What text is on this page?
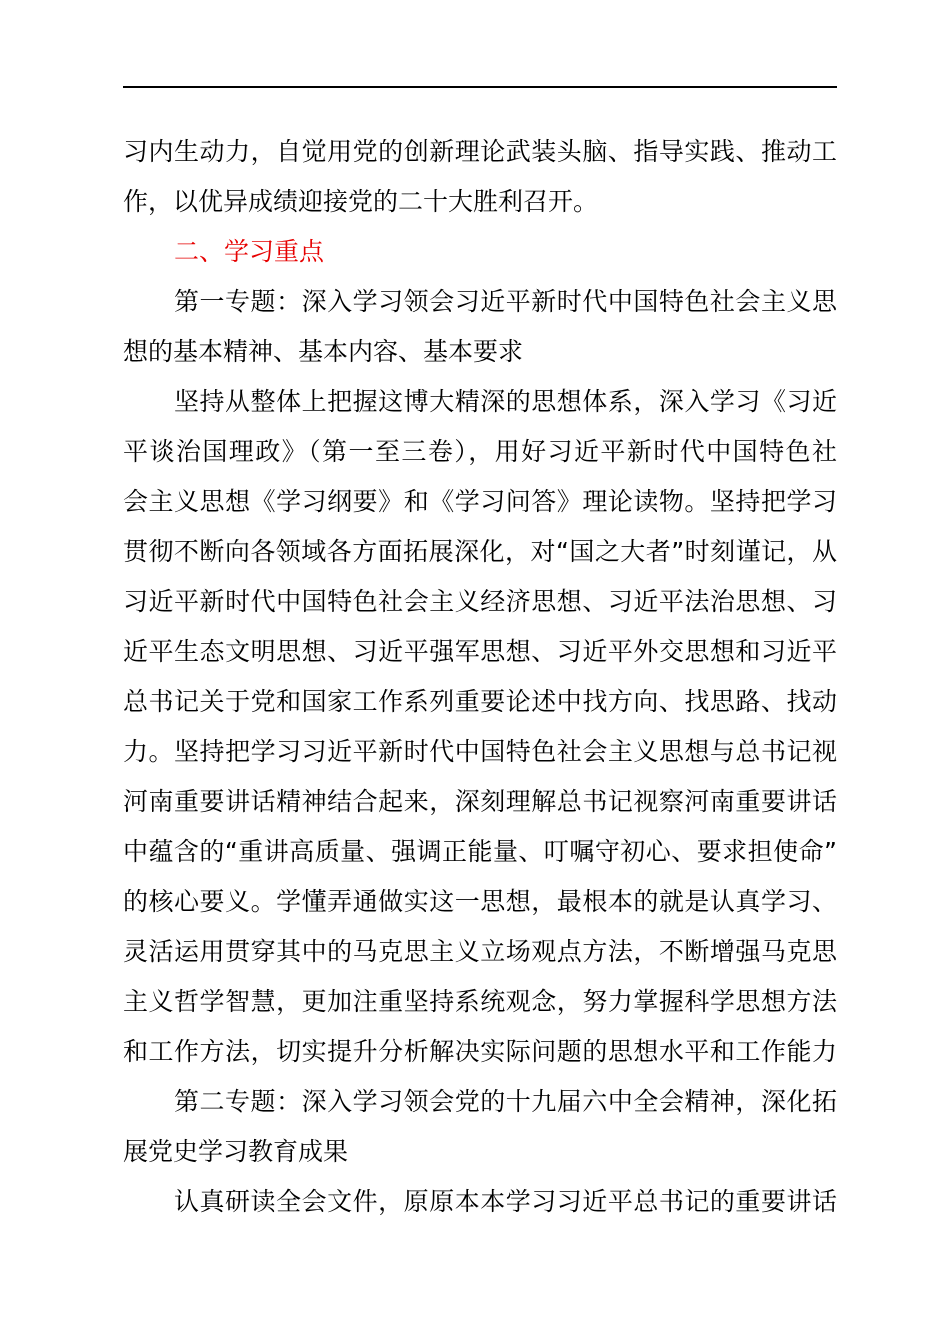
习内生动力，自觉用党的创新理论武装头脑、指导实践、推动工
作，以优异成绩迎接党的二十大胜利召开。
二、学习重点
第一专题：深入学习领会习近平新时代中国特色社会主义思
想的基本精神、基本内容、基本要求
坚持从整体上把握这博大精深的思想体系，深入学习《习近
平谈治国理政》（第一至三卷），用好习近平新时代中国特色社
会主义思想《学习纲要》和《学习问答》理论读物。坚持把学习
贯彻不断向各领域各方面拓展深化，对“国之大者”时刻谨记，从
习近平新时代中国特色社会主义经济思想、习近平法治思想、习
近平生态文明思想、习近平强军思想、习近平外交思想和习近平
总书记关于党和国家工作系列重要论述中找方向、找思路、找动
力。坚持把学习习近平新时代中国特色社会主义思想与总书记视
河南重要讲话精神结合起来，深刻理解总书记视察河南重要讲话
中蕴含的“重讲高质量、强调正能量、叮嘱守初心、要求担使命”
的核心要义。学懂弄通做实这一思想，最根本的就是认真学习、
灵活运用贯穿其中的马克思主义立场观点方法，不断增强马克思
主义哲学智慧，更加注重坚持系统观念，努力掌握科学思想方法
和工作方法，切实提升分析解决实际问题的思想水平和工作能力
第二专题：深入学习领会党的十九届六中全会精神，深化拓
展党史学习教育成果
认真研读全会文件，原原本本学习习近平总书记的重要讲话
